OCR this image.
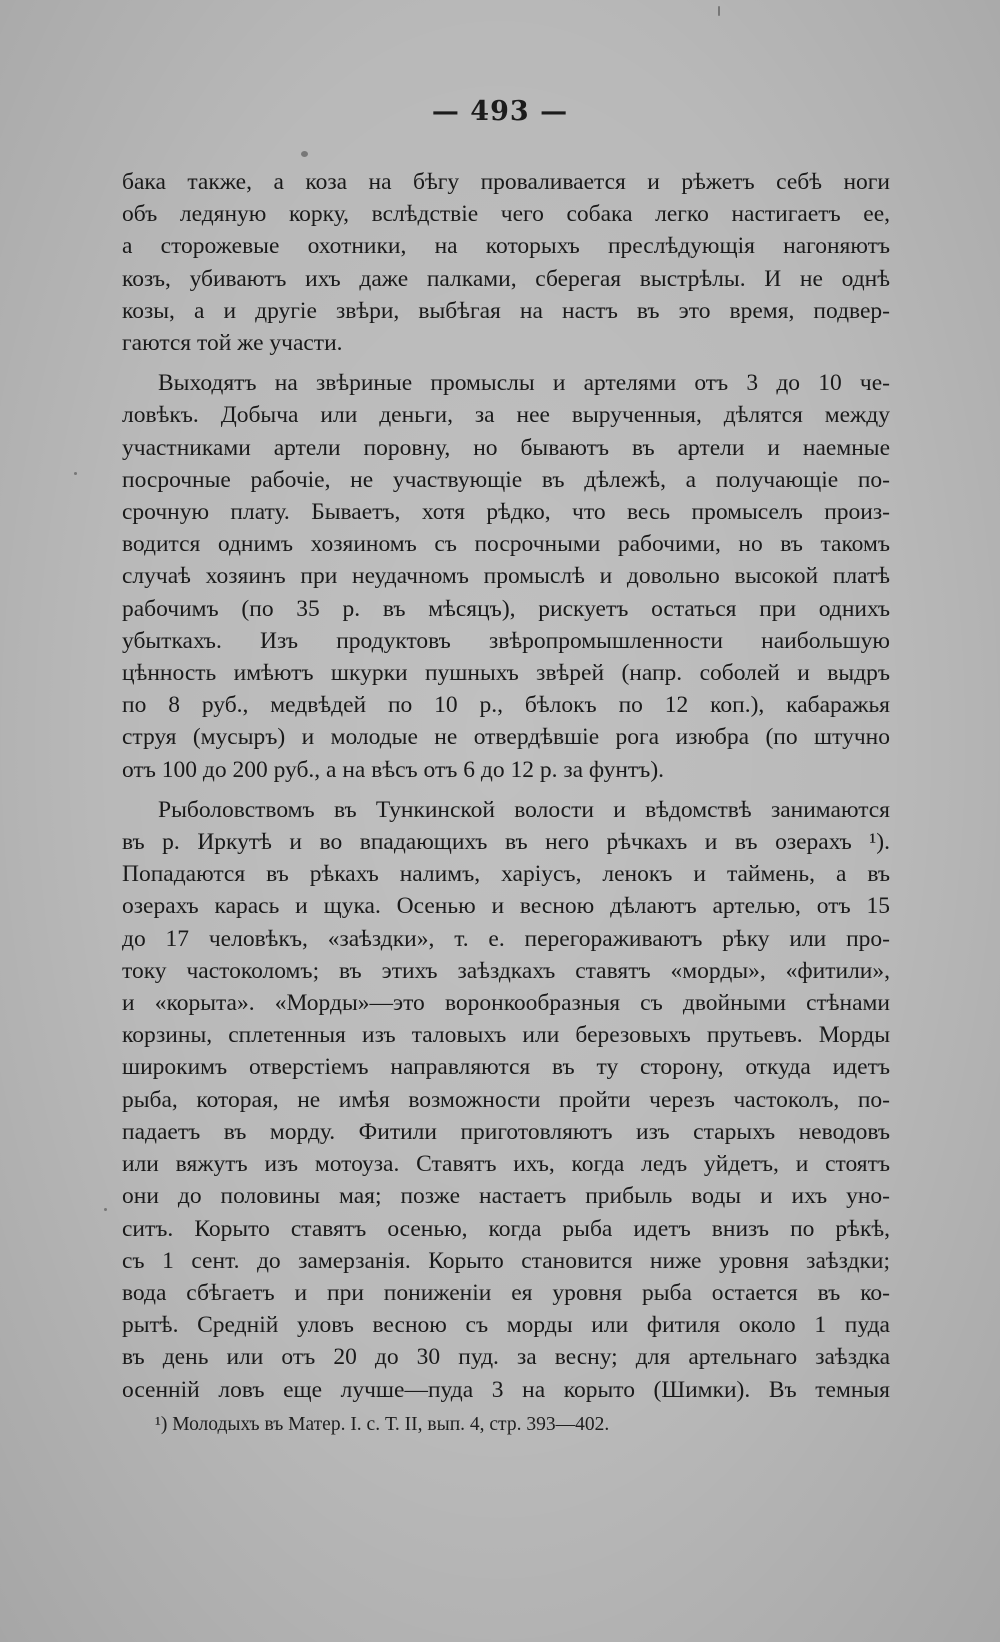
— 493 —
бака также, а коза на бѣгу проваливается и рѣжетъ себѣ ноги
объ ледяную корку, вслѣдствіе чего собака легко настигаетъ ее,
а сторожевые охотники, на которыхъ преслѣдующія нагоняютъ
козъ, убиваютъ ихъ даже палками, сберегая выстрѣлы. И не однѣ
козы, а и другіе звѣри, выбѣгая на настъ въ это время, подвер-
гаются той же участи.
Выходятъ на звѣриные промыслы и артелями отъ 3 до 10 че-
ловѣкъ. Добыча или деньги, за нее вырученныя, дѣлятся между
участниками артели поровну, но бываютъ въ артели и наемные
посрочные рабочіе, не участвующіе въ дѣлежѣ, а получающіе по-
срочную плату. Бываетъ, хотя рѣдко, что весь промыселъ произ-
водится однимъ хозяиномъ съ посрочными рабочими, но въ такомъ
случаѣ хозяинъ при неудачномъ промыслѣ и довольно высокой платѣ
рабочимъ (по 35 р. въ мѣсяцъ), рискуетъ остаться при однихъ
убыткахъ. Изъ продуктовъ звѣропромышленности наибольшую
цѣнность имѣютъ шкурки пушныхъ звѣрей (напр. соболей и выдръ
по 8 руб., медвѣдей по 10 р., бѣлокъ по 12 коп.), кабаражья
струя (мусыръ) и молодые не отвердѣвшіе рога изюбра (по штучно
отъ 100 до 200 руб., а на вѣсъ отъ 6 до 12 р. за фунтъ).
Рыболовствомъ въ Тункинской волости и вѣдомствѣ занимаются
въ р. Иркутѣ и во впадающихъ въ него рѣчкахъ и въ озерахъ ¹).
Попадаются въ рѣкахъ налимъ, харіусъ, ленокъ и таймень, а въ
озерахъ карась и щука. Осенью и весною дѣлаютъ артелью, отъ 15
до 17 человѣкъ, «заѣздки», т. е. перегораживаютъ рѣку или про-
току частоколомъ; въ этихъ заѣздкахъ ставятъ «морды», «фитили»,
и «корыта». «Морды»—это воронкообразныя съ двойными стѣнами
корзины, сплетенныя изъ таловыхъ или березовыхъ прутьевъ. Морды
широкимъ отверстіемъ направляются въ ту сторону, откуда идетъ
рыба, которая, не имѣя возможности пройти черезъ частоколъ, по-
падаетъ въ морду. Фитили приготовляютъ изъ старыхъ неводовъ
или вяжутъ изъ мотоуза. Ставятъ ихъ, когда ледъ уйдетъ, и стоятъ
они до половины мая; позже настаетъ прибыль воды и ихъ уно-
ситъ. Корыто ставятъ осенью, когда рыба идетъ внизъ по рѣкѣ,
съ 1 сент. до замерзанія. Корыто становится ниже уровня заѣздки;
вода сбѣгаетъ и при пониженіи ея уровня рыба остается въ ко-
рытѣ. Средній уловъ весною съ морды или фитиля около 1 пуда
въ день или отъ 20 до 30 пуд. за весну; для артельнаго заѣздка
осенній ловъ еще лучше—пуда 3 на корыто (Шимки). Въ темныя
¹) Молодыхъ въ Матер. I. с. Т. II, вып. 4, стр. 393—402.
